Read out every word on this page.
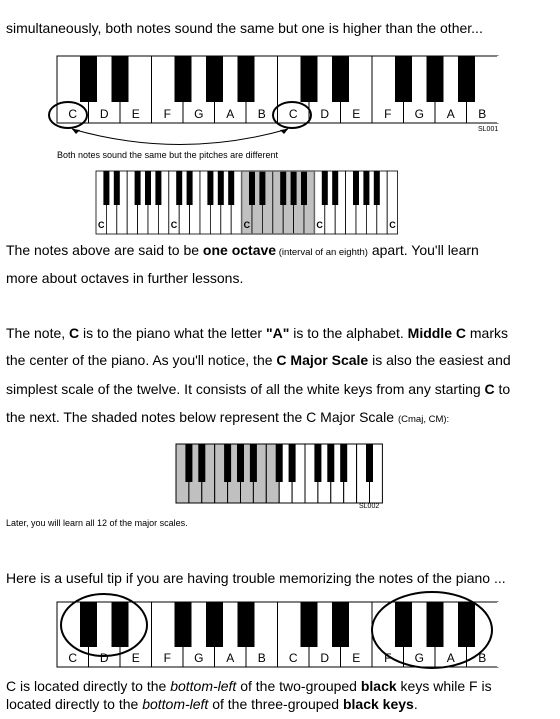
simultaneously, both notes sound the same but one is higher than the other...
C D E F G A B C D E F G A B
C	C	C	C	C
C D E F G A B C D E F G A B
SL001
Both notes sound the same but the pitches are different
The notes above are said to be one octave (interval of an eighth) apart. You'll learn
more about octaves in further lessons.
The note, C is to the piano what the letter "A" is to the alphabet. Middle C marks
the center of the piano. As you'll notice, the C Major Scale is also the easiest and
simplest scale of the twelve. It consists of all the white keys from any starting C to
the next. The shaded notes below represent the C Major Scale (Cmaj, CM):
SL002
Later, you will learn all 12 of the major scales.
Here is a useful tip if you are having trouble memorizing the notes of the piano ...
C is located directly to the bottom-left of the two-grouped black keys while F is
located directly to the bottom-left of the three-grouped black keys.
